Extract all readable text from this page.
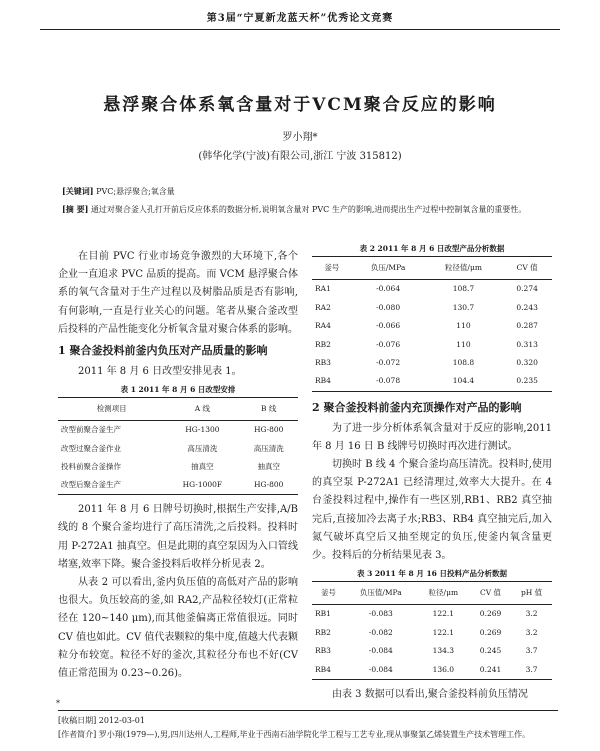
第3届“宁夏新龙蓝天杯”优秀论文竞赛
悬浮聚合体系氧含量对于VCM聚合反应的影响
罗小翔*
(韩华化学(宁波)有限公司,浙江 宁波 315812)
[关键词] PVC;悬浮聚合;氧含量
[摘 要] 通过对聚合釜人孔打开前后反应体系的数据分析,说明氧含量对 PVC 生产的影响,进而提出生产过程中控制氧含量的重要性。

在目前 PVC 行业市场竞争激烈的大环境下,各个企业一直追求 PVC 品质的提高。而 VCM 悬浮聚合体系的氧气含量对于生产过程以及树脂品质是否有影响,有何影响,一直是行业关心的问题。笔者从聚合釜改型后投料的产品性能变化分析氧含量对聚合体系的影响。

1 聚合釜投料前釜内负压对产品质量的影响

2011 年 8 月 6 日改型安排见表 1。

表 1 2011 年 8 月 6 日改型安排
检测项目	A 线	B 线
改型前聚合釜生产	HG-1300	HG-800
改型过聚合釜作业	高压清洗	高压清洗
投料前聚合釜操作	抽真空	抽真空
改型后聚合釜生产	HG-1000F	HG-800

2011 年 8 月 6 日牌号切换时,根据生产安排,A/B 线的 8 个聚合釜均进行了高压清洗,之后投料。投料时用 P-272A1 抽真空。但是此期的真空泵因为入口管线堵塞,效率下降。聚合釜投料后收样分析见表 2。

从表 2 可以看出,釜内负压值的高低对产品的影响也很大。负压较高的釜,如 RA2,产品粒径较灯(正常粒径在 120~140 μm),而其他釜偏离正常值很远。同时 CV 值也如此。CV 值代表颗粒的集中度,值越大代表颗粒分布较宽。粒径不好的釜次,其粒径分布也不好(CV 值正常范围为 0.23~0.26)。

表 2 2011 年 8 月 6 日改型产品分析数据
釜号	负压/MPa	粒径值/μm	CV 值
RA1	-0.064	108.7	0.274
RA2	-0.080	130.7	0.243
RA4	-0.066	110	0.287
RB2	-0.076	110	0.313
RB3	-0.072	108.8	0.320
RB4	-0.078	104.4	0.235
2 聚合釜投料前釜内充顶操作对产品的影响

为了进一步分析体系氧含量对于反应的影响,2011 年 8 月 16 日 B 线牌号切换时再次进行测试。

切换时 B 线 4 个聚合釜均高压清洗。投料时,使用的真空泵 P-272A1 已经清理过,效率大大提升。在 4 台釜投料过程中,操作有一些区别,RB1、RB2 真空抽完后,直接加冷去离子水;RB3、RB4 真空抽完后,加入氮气破坏真空后又抽至规定的负压,使釜内氧含量更少。投料后的分析结果见表 3。

表 3 2011 年 8 月 16 日投料产品分析数据
釜号	负压值/MPa	粒径/μm	CV 值	pH 值
RB1	-0.083	122.1	0.269	3.2
RB2	-0.082	122.1	0.269	3.2
RB3	-0.084	134.3	0.245	3.7
RB4	-0.084	136.0	0.241	3.7

由表 3 数据可以看出,聚合釜投料前负压情况

*
[收稿日期] 2012-03-01
[作者简介] 罗小翔(1979—),男,四川达州人,工程师,毕业于西南石油学院化学工程与工艺专业,现从事聚氯乙烯装置生产技术管理工作。
